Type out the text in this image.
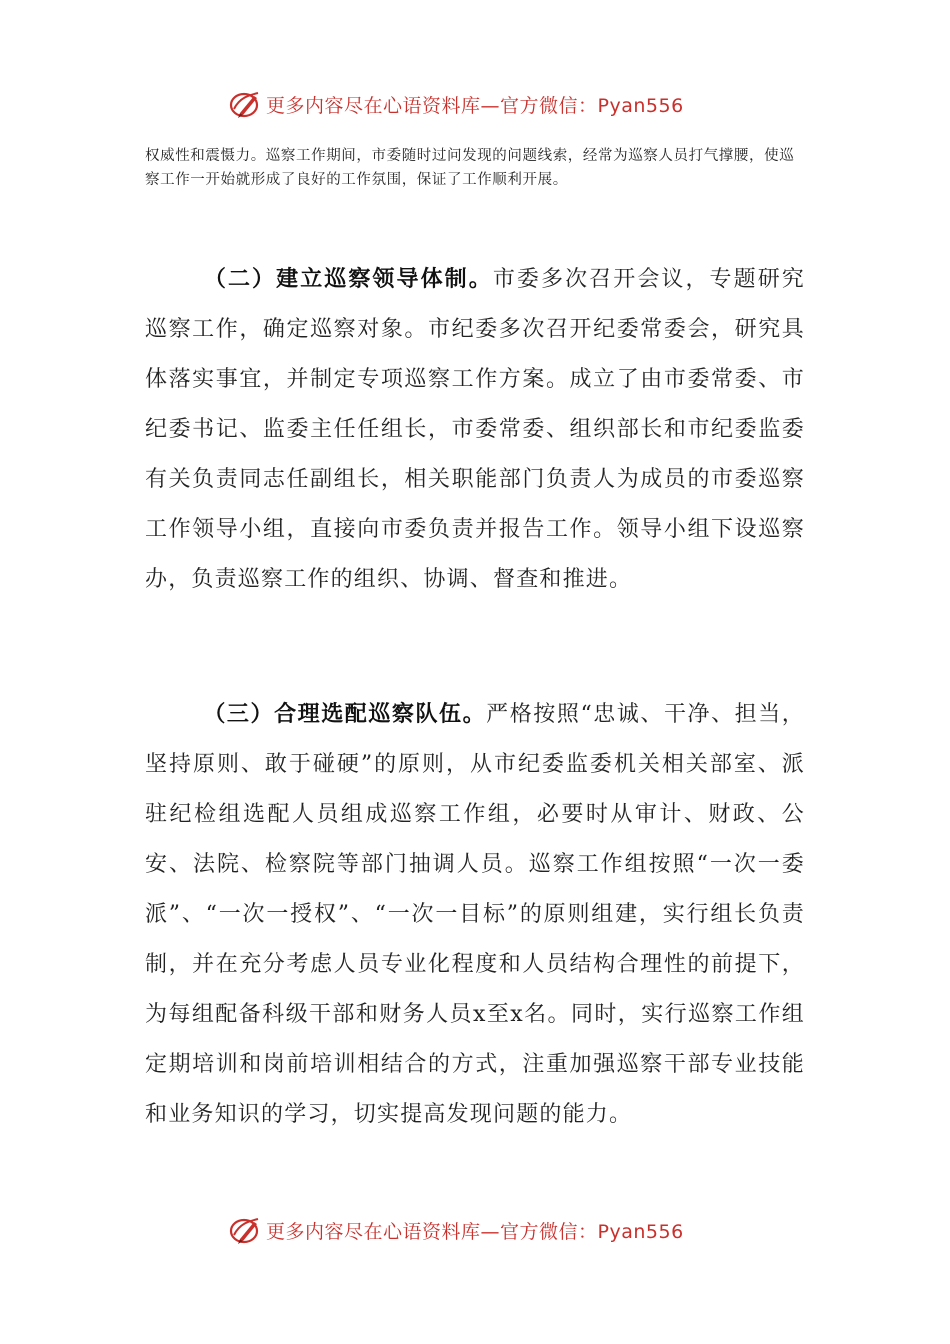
更多内容尽在心语资料库—官方微信：Pyan556
权威性和震慑力。巡察工作期间，市委随时过问发现的问题线索，经常为巡察人员打气撑腰，使巡察工作一开始就形成了良好的工作氛围，保证了工作顺利开展。
（二）建立巡察领导体制。市委多次召开会议，专题研究巡察工作，确定巡察对象。市纪委多次召开纪委常委会，研究具体落实事宜，并制定专项巡察工作方案。成立了由市委常委、市纪委书记、监委主任任组长，市委常委、组织部长和市纪委监委有关负责同志任副组长，相关职能部门负责人为成员的市委巡察工作领导小组，直接向市委负责并报告工作。领导小组下设巡察办，负责巡察工作的组织、协调、督查和推进。
（三）合理选配巡察队伍。严格按照“忠诚、干净、担当，坚持原则、敢于碰硬”的原则，从市纪委监委机关相关部室、派驻纪检组选配人员组成巡察工作组，必要时从审计、财政、公安、法院、检察院等部门抽调人员。巡察工作组按照“一次一委派”、“一次一授权”、“一次一目标”的原则组建，实行组长负责制，并在充分考虑人员专业化程度和人员结构合理性的前提下，为每组配备科级干部和财务人员x至x名。同时，实行巡察工作组定期培训和岗前培训相结合的方式，注重加强巡察干部专业技能和业务知识的学习，切实提高发现问题的能力。
更多内容尽在心语资料库—官方微信：Pyan556
